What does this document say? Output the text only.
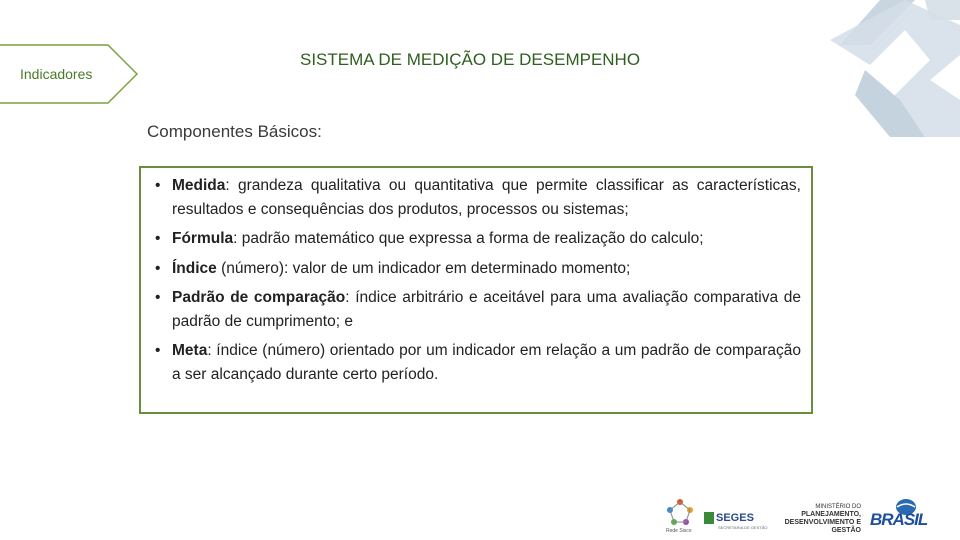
Indicadores
SISTEMA DE MEDIÇÃO DE DESEMPENHO
Componentes Básicos:
• Medida: grandeza qualitativa ou quantitativa que permite classificar as características, resultados e consequências dos produtos, processos ou sistemas;
• Fórmula: padrão matemático que expressa a forma de realização do calculo;
• Índice (número): valor de um indicador em determinado momento;
• Padrão de comparação: índice arbitrário e aceitável para uma avaliação comparativa de padrão de cumprimento; e
• Meta: índice (número) orientado por um indicador em relação a um padrão de comparação a ser alcançado durante certo período.
Rede Sisco
SEGES
SECRETARIA DE GESTÃO
MINISTÉRIO DO
PLANEJAMENTO,
DESENVOLVIMENTO E GESTÃO
BRASIL
